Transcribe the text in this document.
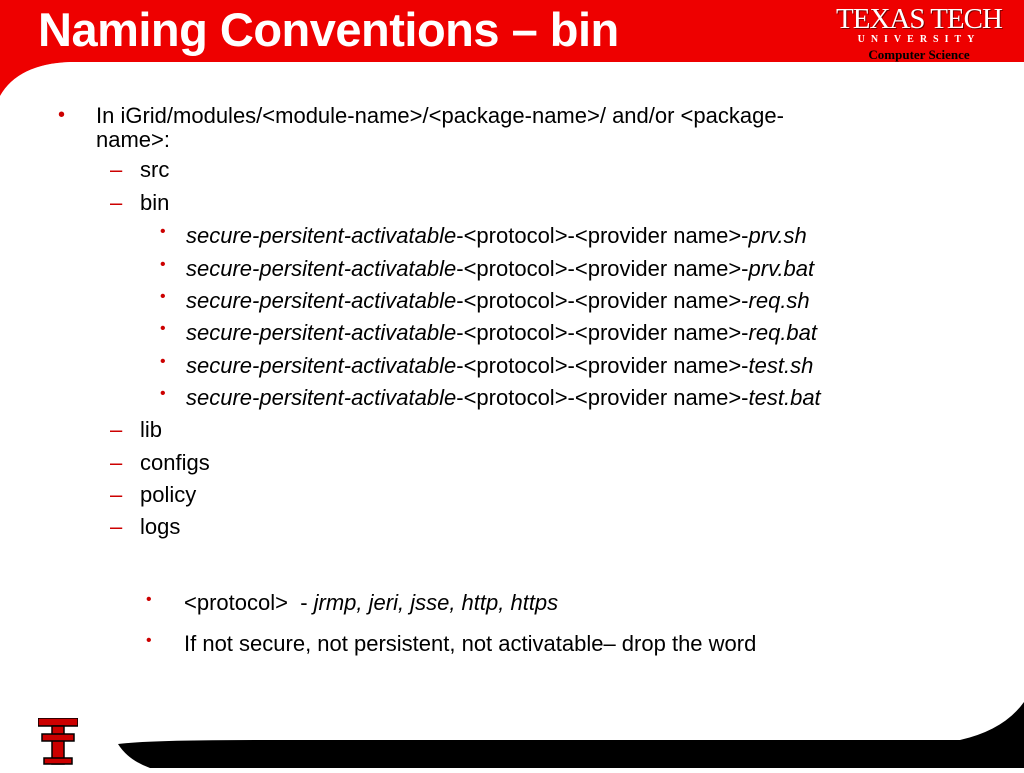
Naming Conventions – bin	TEXAS TECH
UNIVERSITY
Computer Science
• In iGrid/modules/<module-name>/<package-name>/ and/or <package-
name>:
– src
– bin
• secure-persitent-activatable-<protocol>-<provider name>-prv.sh
• secure-persitent-activatable-<protocol>-<provider name>-prv.bat
• secure-persitent-activatable-<protocol>-<provider name>-req.sh
• secure-persitent-activatable-<protocol>-<provider name>-req.bat
• secure-persitent-activatable-<protocol>-<provider name>-test.sh
• secure-persitent-activatable-<protocol>-<provider name>-test.bat
– lib
– configs
– policy
– logs
• <protocol>  - jrmp, jeri, jsse, http, https
• If not secure, not persistent, not activatable– drop the word
